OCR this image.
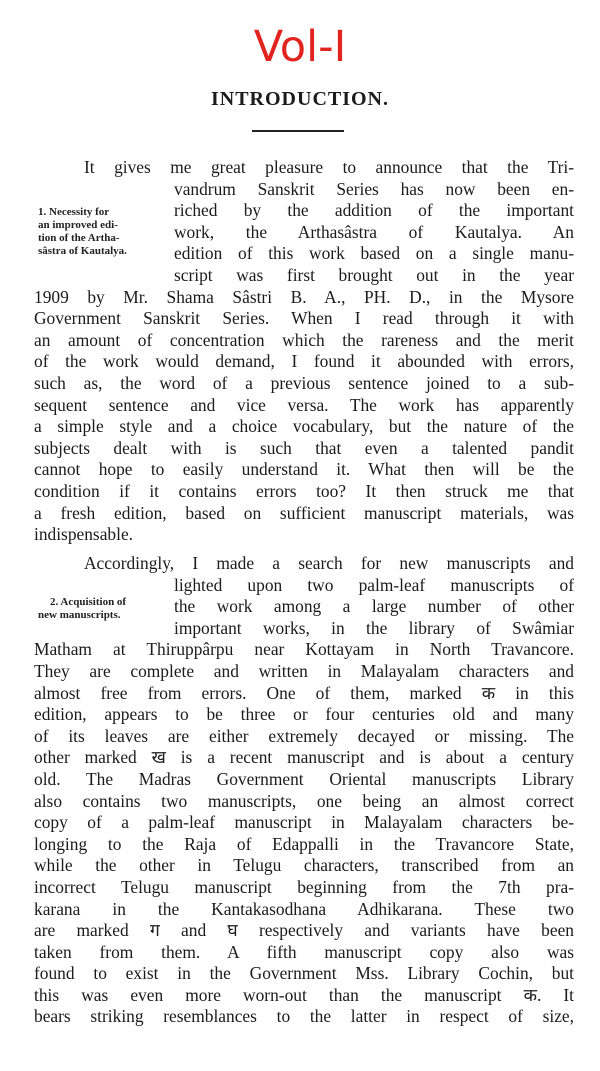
Vol-I
INTRODUCTION.
1. Necessity for
an improved edi-
tion of the Artha-
sâstra of Kautalya.
2. Acquisition of
new manuscripts.
It gives me great pleasure to announce that the Tri-
vandrum Sanskrit Series has now been en-
riched by the addition of the important
work, the Arthasâstra of Kautalya. An
edition of this work based on a single manu-
script was first brought out in the year
1909 by Mr. Shama Sâstri B. A., PH. D., in the Mysore
Government Sanskrit Series. When I read through it with
an amount of concentration which the rareness and the merit
of the work would demand, I found it abounded with errors,
such as, the word of a previous sentence joined to a sub-
sequent sentence and vice versa. The work has apparently
a simple style and a choice vocabulary, but the nature of the
subjects dealt with is such that even a talented pandit
cannot hope to easily understand it. What then will be the
condition if it contains errors too? It then struck me that
a fresh edition, based on sufficient manuscript materials, was
indispensable.
Accordingly, I made a search for new manuscripts and
lighted upon two palm-leaf manuscripts of
the work among a large number of other
important works, in the library of Swâmiar
Matham at Thiruppârpu near Kottayam in North Travancore.
They are complete and written in Malayalam characters and
almost free from errors. One of them, marked क in this
edition, appears to be three or four centuries old and many
of its leaves are either extremely decayed or missing. The
other marked ख is a recent manuscript and is about a century
old. The Madras Government Oriental manuscripts Library
also contains two manuscripts, one being an almost correct
copy of a palm-leaf manuscript in Malayalam characters be-
longing to the Raja of Edappalli in the Travancore State,
while the other in Telugu characters, transcribed from an
incorrect Telugu manuscript beginning from the 7th pra-
karana in the Kantakasodhana Adhikarana. These two
are marked ग and घ respectively and variants have been
taken from them. A fifth manuscript copy also was
found to exist in the Government Mss. Library Cochin, but
this was even more worn-out than the manuscript क. It
bears striking resemblances to the latter in respect of size,
